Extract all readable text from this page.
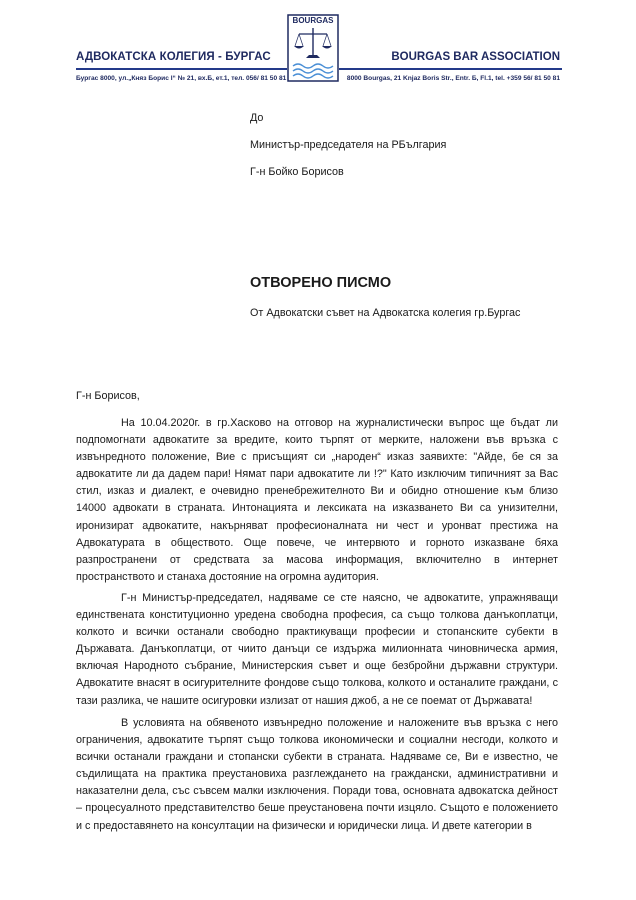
АДВОКАТСКА КОЛЕГИЯ - БУРГАС	BOURGAS BAR ASSOCIATION
Бургас 8000, ул.„Княз Борис I“ № 21, вх.Б, ет.1, тел. 056/ 81 50 81	8000 Bourgas, 21 Knjaz Boris Str., Entr. Б, Fl.1, tel. +359 56/ 81 50 81
BOURGAS
До
Министър-председателя на РБългария
Г-н Бойко Борисов
ОТВОРЕНО ПИСМО
От Адвокатски съвет на Адвокатска колегия гр.Бургас
Г-н Борисов,

На 10.04.2020г. в гр.Хасково на отговор на журналистически въпрос ще бъдат ли подпомогнати адвокатите за вредите, които търпят от мерките, наложени във връзка с извънредното положение, Вие с присъщият си „народен“ изказ заявихте: "Айде, бе ся за адвокатите ли да дадем пари! Нямат пари адвокатите ли !?" Като изключим типичният за Вас стил, изказ и диалект, е очевидно пренебрежителното Ви и обидно отношение към близо 14000 адвокати в страната. Интонацията и лексиката на изказването Ви са унизителни, иронизират адвокатите, накърняват професионалната ни чест и уронват престижа на Адвокатурата в обществото. Още повече, че интервюто и горното изказване бяха разпространени от средствата за масова информация, включително в интернет пространството и станаха достояние на огромна аудитория.

Г-н Министър-председател, надяваме се сте наясно, че адвокатите, упражняващи единствената конституционно уредена свободна професия, са също толкова данъкоплатци, колкото и всички останали свободно практикуващи професии и стопанските субекти в Държавата. Данъкоплатци, от чиито данъци се издържа милионната чиновническа армия, включая Народното събрание, Министерския съвет и още безбройни държавни структури. Адвокатите внасят в осигурителните фондове също толкова, колкото и останалите граждани, с тази разлика, че нашите осигуровки излизат от нашия джоб, а не се поемат от Държавата!

В условията на обявеното извънредно положение и наложените във връзка с него ограничения, адвокатите търпят също толкова икономически и социални несгоди, колкото и всички останали граждани и стопански субекти в страната. Надяваме се, Ви е известно, че съдилищата на практика преустановиха разглеждането на граждански, административни и наказателни дела, със съвсем малки изключения. Поради това, основната адвокатска дейност – процесуалното представителство беше преустановена почти изцяло. Същото е положението и с предоставянето на консултации на физически и юридически лица. И двете категории в
